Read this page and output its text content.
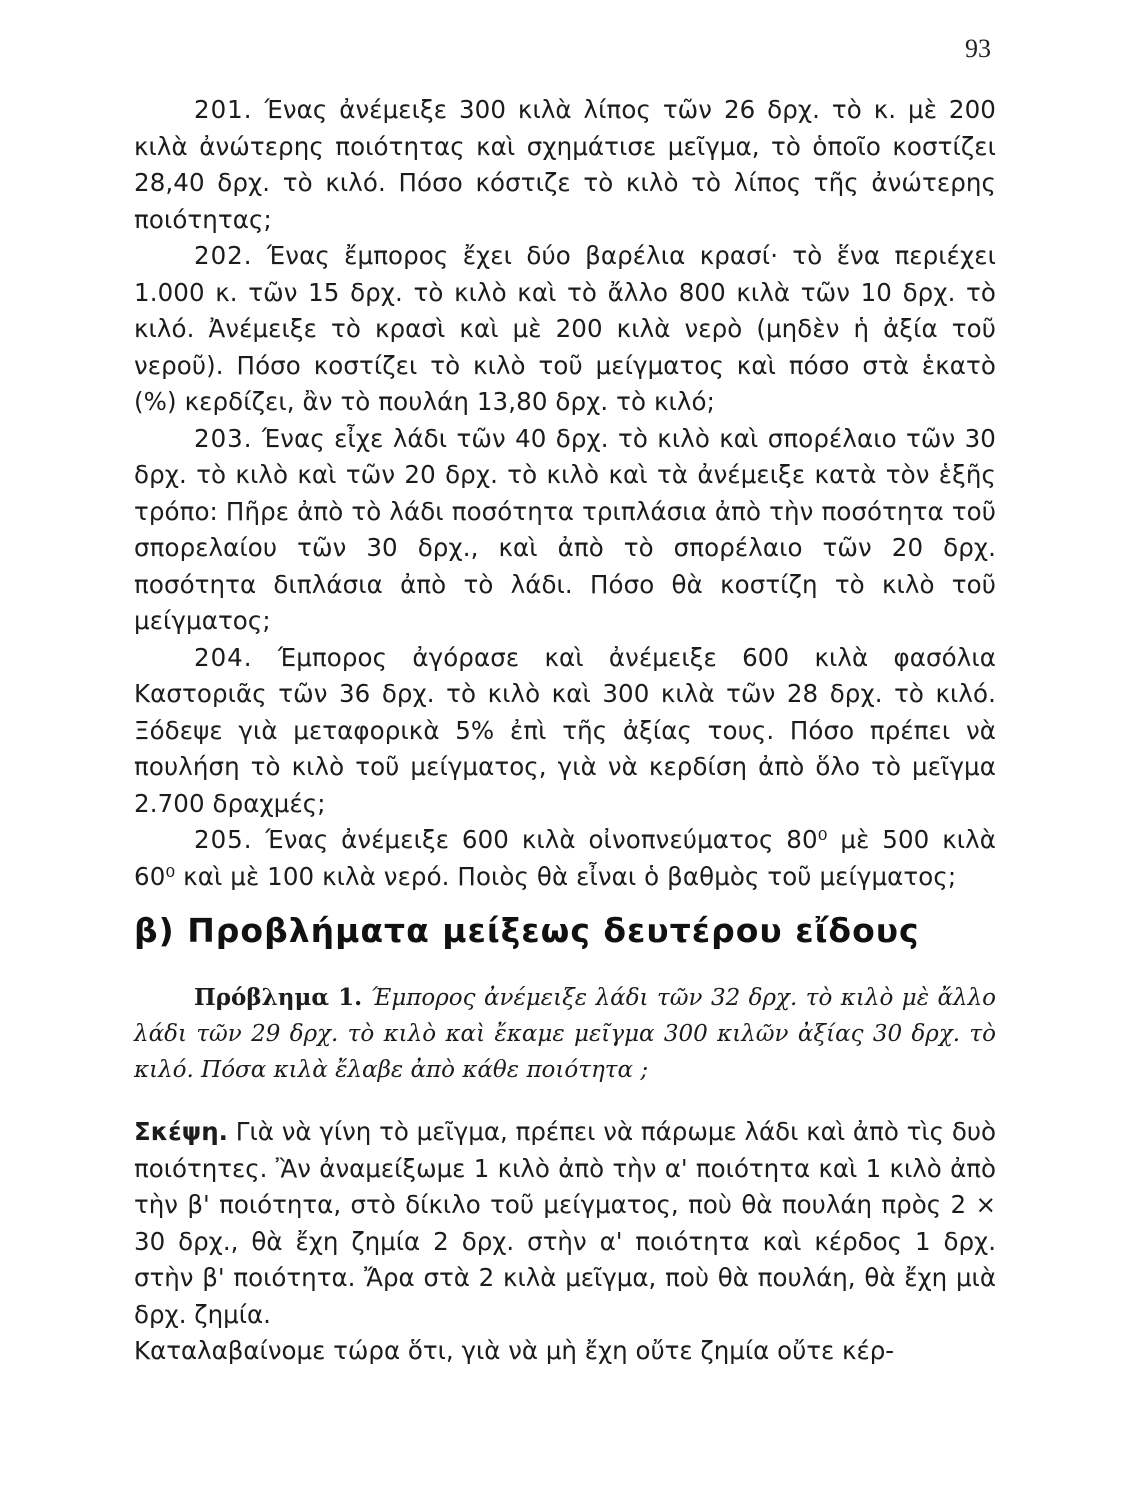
93

201. Ένας ἀνέμειξε 300 κιλὰ λίπος τῶν 26 δρχ. τὸ κ. μὲ 200 κιλὰ ἀνώτερης ποιότητας καὶ σχημάτισε μεῖγμα, τὸ ὁποῖο κοστίζει 28,40 δρχ. τὸ κιλό. Πόσο κόστιζε τὸ κιλὸ τὸ λίπος τῆς ἀνώτερης ποιότητας;

202. Ένας ἔμπορος ἔχει δύο βαρέλια κρασί· τὸ ἕνα περιέχει 1.000 κ. τῶν 15 δρχ. τὸ κιλὸ καὶ τὸ ἄλλο 800 κιλὰ τῶν 10 δρχ. τὸ κιλό. Ἀνέμειξε τὸ κρασὶ καὶ μὲ 200 κιλὰ νερὸ (μηδὲν ἡ ἀξία τοῦ νεροῦ). Πόσο κοστίζει τὸ κιλὸ τοῦ μείγματος καὶ πόσο στὰ ἑκατὸ (%) κερδίζει, ἂν τὸ πουλάη 13,80 δρχ. τὸ κιλό;

203. Ένας εἶχε λάδι τῶν 40 δρχ. τὸ κιλὸ καὶ σπορέλαιο τῶν 30 δρχ. τὸ κιλὸ καὶ τῶν 20 δρχ. τὸ κιλὸ καὶ τὰ ἀνέμειξε κατὰ τὸν ἑξῆς τρόπο: Πῆρε ἀπὸ τὸ λάδι ποσότητα τριπλάσια ἀπὸ τὴν ποσότητα τοῦ σπορελαίου τῶν 30 δρχ., καὶ ἀπὸ τὸ σπορέλαιο τῶν 20 δρχ. ποσότητα διπλάσια ἀπὸ τὸ λάδι. Πόσο θὰ κοστίζη τὸ κιλὸ τοῦ μείγματος;

204. Έμπορος ἀγόρασε καὶ ἀνέμειξε 600 κιλὰ φασόλια Καστοριᾶς τῶν 36 δρχ. τὸ κιλὸ καὶ 300 κιλὰ τῶν 28 δρχ. τὸ κιλό. Ξόδεψε γιὰ μεταφορικὰ 5% ἐπὶ τῆς ἀξίας τους. Πόσο πρέπει νὰ πουλήση τὸ κιλὸ τοῦ μείγματος, γιὰ νὰ κερδίση ἀπὸ ὅλο τὸ μεῖγμα 2.700 δραχμές;

205. Ένας ἀνέμειξε 600 κιλὰ οἰνοπνεύματος 80⁰ μὲ 500 κιλὰ 60⁰ καὶ μὲ 100 κιλὰ νερό. Ποιὸς θὰ εἶναι ὁ βαθμὸς τοῦ μείγματος;

β) Προβλήματα μείξεως δευτέρου εἴδους

Πρόβλημα 1. Έμπορος ἀνέμειξε λάδι τῶν 32 δρχ. τὸ κιλὸ μὲ ἄλλο λάδι τῶν 29 δρχ. τὸ κιλὸ καὶ ἔκαμε μεῖγμα 300 κιλῶν ἀξίας 30 δρχ. τὸ κιλό. Πόσα κιλὰ ἔλαβε ἀπὸ κάθε ποιότητα ;

Σκέψη. Γιὰ νὰ γίνη τὸ μεῖγμα, πρέπει νὰ πάρωμε λάδι καὶ ἀπὸ τὶς δυὸ ποιότητες. Ἂν ἀναμείξωμε 1 κιλὸ ἀπὸ τὴν α' ποιότητα καὶ 1 κιλὸ ἀπὸ τὴν β' ποιότητα, στὸ δίκιλο τοῦ μείγματος, ποὺ θὰ πουλάη πρὸς 2 × 30 δρχ., θὰ ἔχη ζημία 2 δρχ. στὴν α' ποιότητα καὶ κέρδος 1 δρχ. στὴν β' ποιότητα. Ἄρα στὰ 2 κιλὰ μεῖγμα, ποὺ θὰ πουλάη, θὰ ἔχη μιὰ δρχ. ζημία.

Καταλαβαίνομε τώρα ὅτι, γιὰ νὰ μὴ ἔχη οὔτε ζημία οὔτε κέρ-
